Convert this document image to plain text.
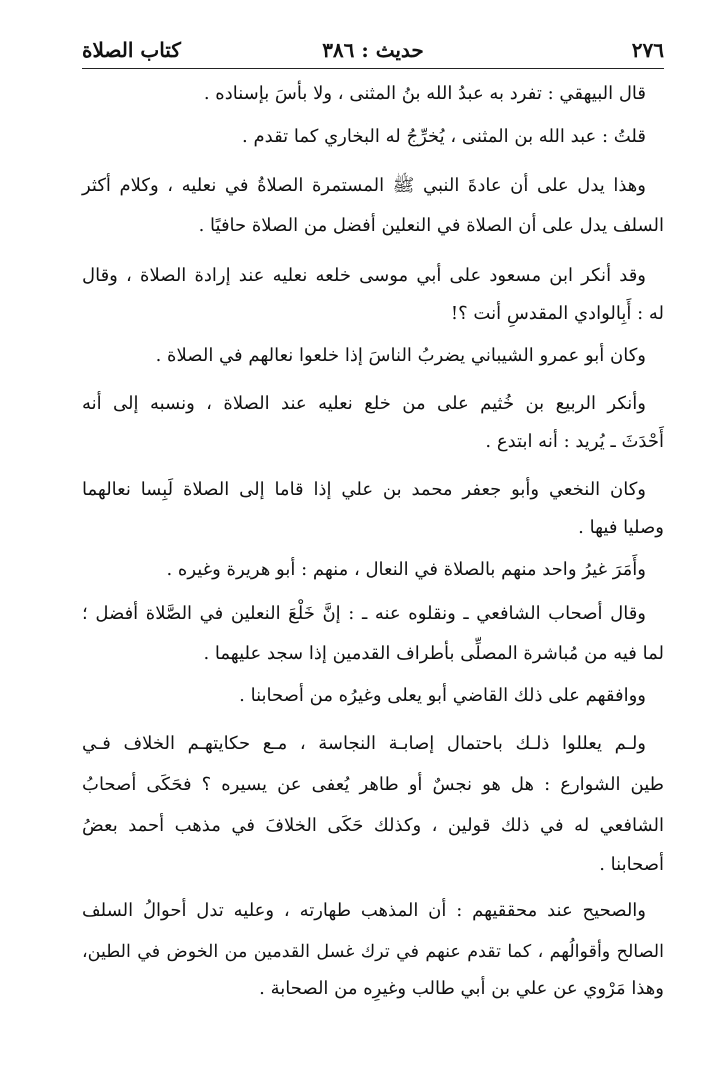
٢٧٦
حديث : ٣٨٦
كتاب الصلاة
قال البيهقي : تفرد به عبدُ الله بنُ المثنى ، ولا بأسَ بإسناده .
قلتُ : عبد الله بن المثنى ، يُخرِّجُ له البخاري كما تقدم .
وهذا يدل على أن عادةَ النبي ﷺ المستمرة الصلاةُ في نعليه ، وكلام أكثر
السلف يدل على أن الصلاة في النعلين أفضل من الصلاة حافيًا .
وقد أنكر ابن مسعود على أبي موسى خلعه نعليه عند إرادة الصلاة ، وقال
له : أَبِالوادي المقدسِ أنت ؟!
وكان أبو عمرو الشيباني يضربُ الناسَ إذا خلعوا نعالهم في الصلاة .
وأنكر الربيع بن خُثيم على من خلع نعليه عند الصلاة ، ونسبه إلى أنه
أَحْدَثَ ـ يُريد : أنه ابتدع .
وكان النخعي وأبو جعفر محمد بن علي إذا قاما إلى الصلاة لَبِسا نعالهما
وصليا فيها .
وأَمَرَ غيرُ واحد منهم بالصلاة في النعال ، منهم : أبو هريرة وغيره .
وقال أصحاب الشافعي ـ ونقلوه عنه ـ : إنَّ خَلْعَ النعلين في الصَّلاة أفضل ؛
لما فيه من مُباشرة المصلِّى بأطراف القدمين إذا سجد عليهما .
ووافقهم على ذلك القاضي أبو يعلى وغيرُه من أصحابنا .
ولـم يعللوا ذلـك باحتمال إصابـة النجاسة ، مـع حكايتهـم الخلاف فـي
طين الشوارع : هل هو نجسٌ أو طاهر يُعفى عن يسيره ؟ فحَكَى أصحابُ
الشافعي له في ذلك قولين ، وكذلك حَكَى الخلافَ في مذهب أحمد بعضُ
أصحابنا .
والصحيح عند محققيهم : أن المذهب طهارته ، وعليه تدل أحوالُ السلف
الصالح وأقوالُهم ، كما تقدم عنهم في ترك غسل القدمين من الخوض في الطين،
وهذا مَرْوي عن علي بن أبي طالب وغيرِه من الصحابة .
